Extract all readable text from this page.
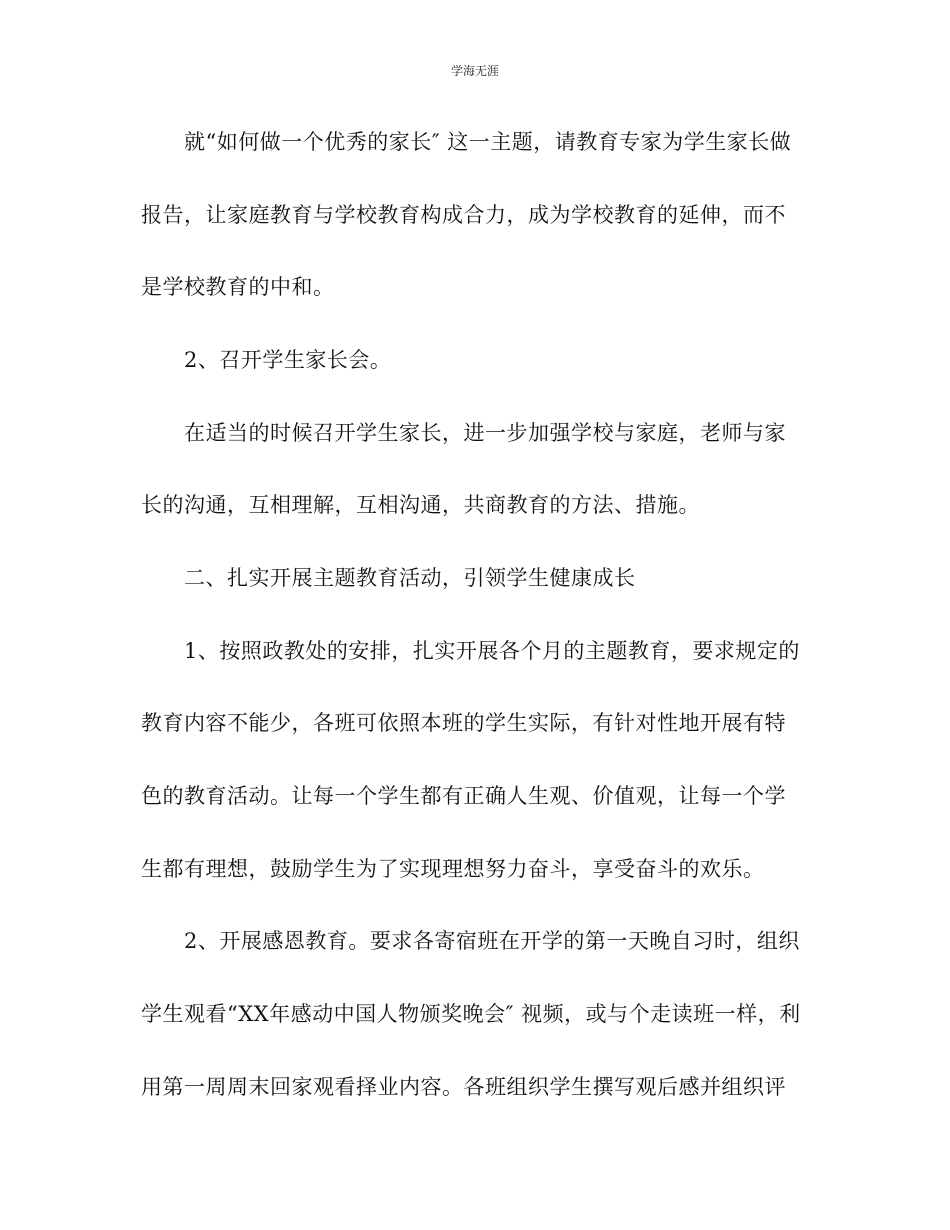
学海无涯
就“如何做一个优秀的家长″ 这一主题，请教育专家为学生家长做
报告，让家庭教育与学校教育构成合力，成为学校教育的延伸，而不
是学校教育的中和。
2、召开学生家长会。
在适当的时候召开学生家长，进一步加强学校与家庭，老师与家
长的沟通，互相理解，互相沟通，共商教育的方法、措施。
二、扎实开展主题教育活动，引领学生健康成长
1、按照政教处的安排，扎实开展各个月的主题教育，要求规定的
教育内容不能少，各班可依照本班的学生实际，有针对性地开展有特
色的教育活动。让每一个学生都有正确人生观、价值观，让每一个学
生都有理想，鼓励学生为了实现理想努力奋斗，享受奋斗的欢乐。
2、开展感恩教育。要求各寄宿班在开学的第一天晚自习时，组织
学生观看“XX年感动中国人物颁奖晚会″ 视频，或与个走读班一样，利
用第一周周末回家观看择业内容。各班组织学生撰写观后感并组织评
